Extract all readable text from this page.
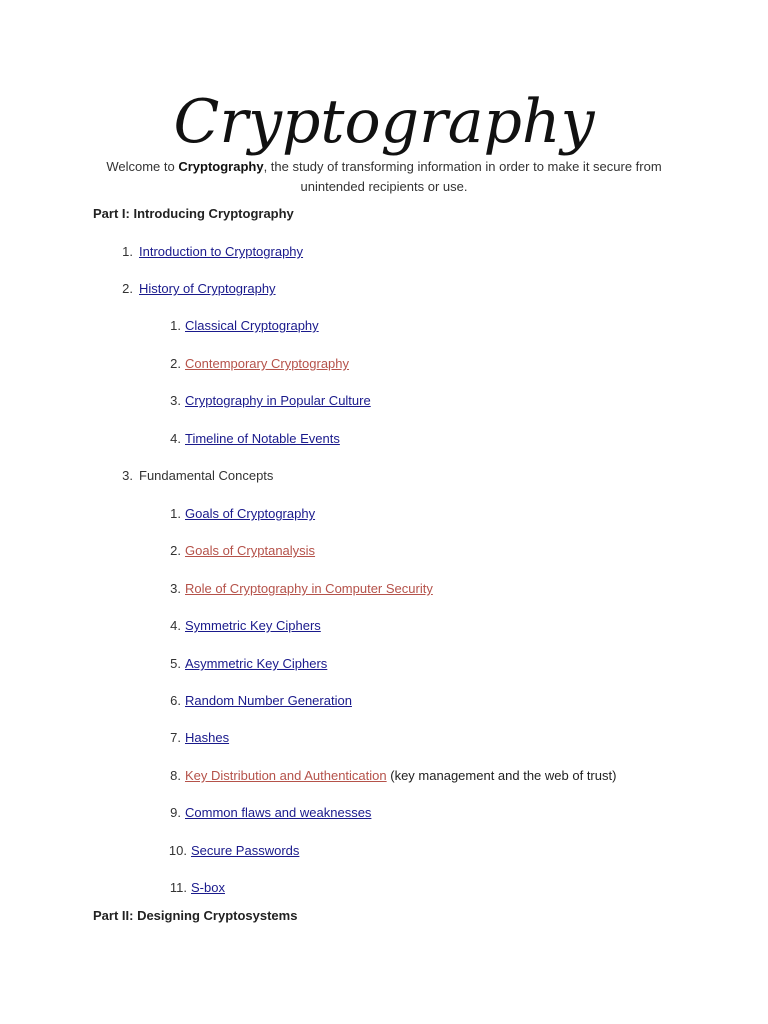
Cryptography

Welcome to Cryptography, the study of transforming information in order to make it secure from unintended recipients or use.

Part I: Introducing Cryptography

1. Introduction to Cryptography

2. History of Cryptography

1. Classical Cryptography

2. Contemporary Cryptography

3. Cryptography in Popular Culture

4. Timeline of Notable Events

3. Fundamental Concepts

1. Goals of Cryptography

2. Goals of Cryptanalysis

3. Role of Cryptography in Computer Security

4. Symmetric Key Ciphers

5. Asymmetric Key Ciphers

6. Random Number Generation

7. Hashes

8. Key Distribution and Authentication (key management and the web of trust)

9. Common flaws and weaknesses

10. Secure Passwords

11. S-box

Part II: Designing Cryptosystems
